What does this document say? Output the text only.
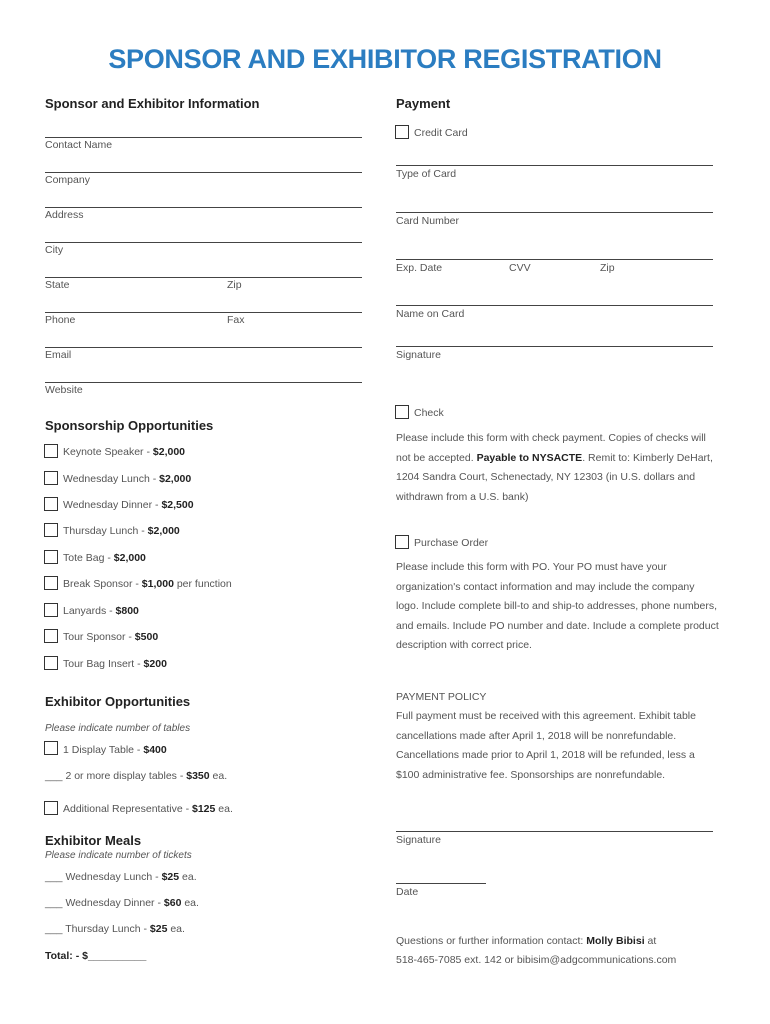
SPONSOR AND EXHIBITOR REGISTRATION
Sponsor and Exhibitor Information
Contact Name
Company
Address
City
State	Zip
Phone	Fax
Email
Website
Sponsorship Opportunities
Keynote Speaker - $2,000
Wednesday Lunch - $2,000
Wednesday Dinner - $2,500
Thursday Lunch - $2,000
Tote Bag - $2,000
Break Sponsor - $1,000 per function
Lanyards - $800
Tour Sponsor - $500
Tour Bag Insert - $200
Exhibitor Opportunities
Please indicate number of tables
1 Display Table - $400
___ 2 or more display tables - $350 ea.
Additional Representative - $125 ea.
Exhibitor Meals
Please indicate number of tickets
___ Wednesday Lunch - $25 ea.
___ Wednesday Dinner - $60 ea.
___ Thursday Lunch - $25 ea.
Total: - $__________
Payment
Credit Card
Type of Card
Card Number
Exp. Date	CVV	Zip
Name on Card
Signature
Check
Please include this form with check payment. Copies of checks will not be accepted. Payable to NYSACTE. Remit to: Kimberly DeHart, 1204 Sandra Court, Schenectady, NY 12303 (in U.S. dollars and withdrawn from a U.S. bank)
Purchase Order
Please include this form with PO. Your PO must have your organization's contact information and may include the company logo. Include complete bill-to and ship-to addresses, phone numbers, and emails. Include PO number and date. Include a complete product description with correct price.
PAYMENT POLICY
Full payment must be received with this agreement. Exhibit table cancellations made after April 1, 2018 will be nonrefundable. Cancellations made prior to April 1, 2018 will be refunded, less a $100 administrative fee. Sponsorships are nonrefundable.
Signature
Date
Questions or further information contact: Molly Bibisi at
518-465-7085 ext. 142 or bibisim@adgcommunications.com
